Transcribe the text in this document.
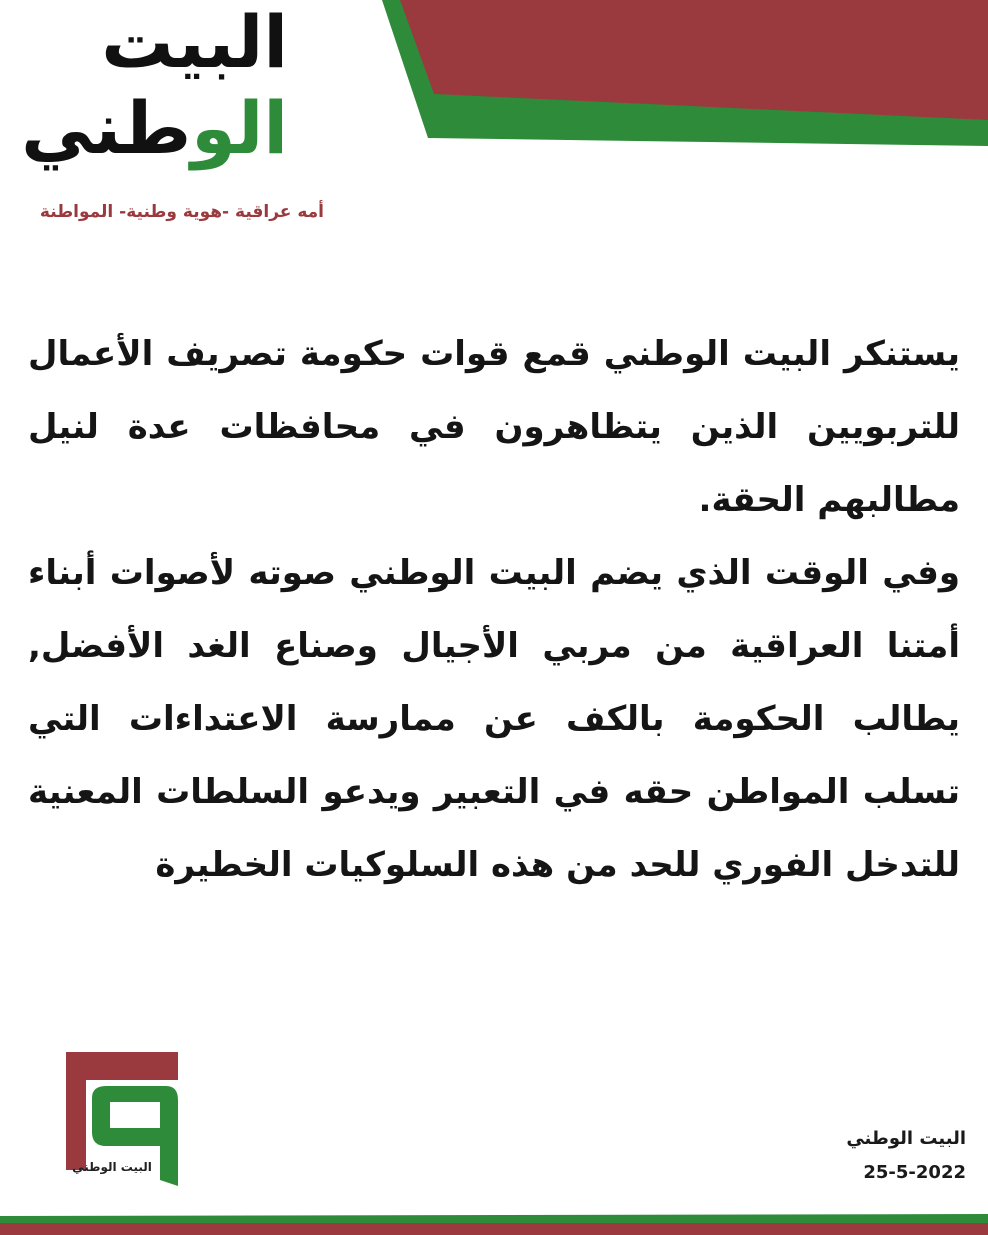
البيت
الوطني
أمه عراقية -هوية وطنية- المواطنة

يستنكر البيت الوطني قمع قوات حكومة تصريف الأعمال للتربويين الذين يتظاهرون في محافظات عدة لنيل مطالبهم الحقة.

وفي الوقت الذي يضم البيت الوطني صوته لأصوات أبناء أمتنا العراقية من مربي الأجيال وصناع الغد الأفضل, يطالب الحكومة بالكف عن ممارسة الاعتداءات التي تسلب المواطن حقه في التعبير ويدعو السلطات المعنية للتدخل الفوري للحد من هذه السلوكيات الخطيرة

البيت الوطني
البيت الوطني
25-5-2022
